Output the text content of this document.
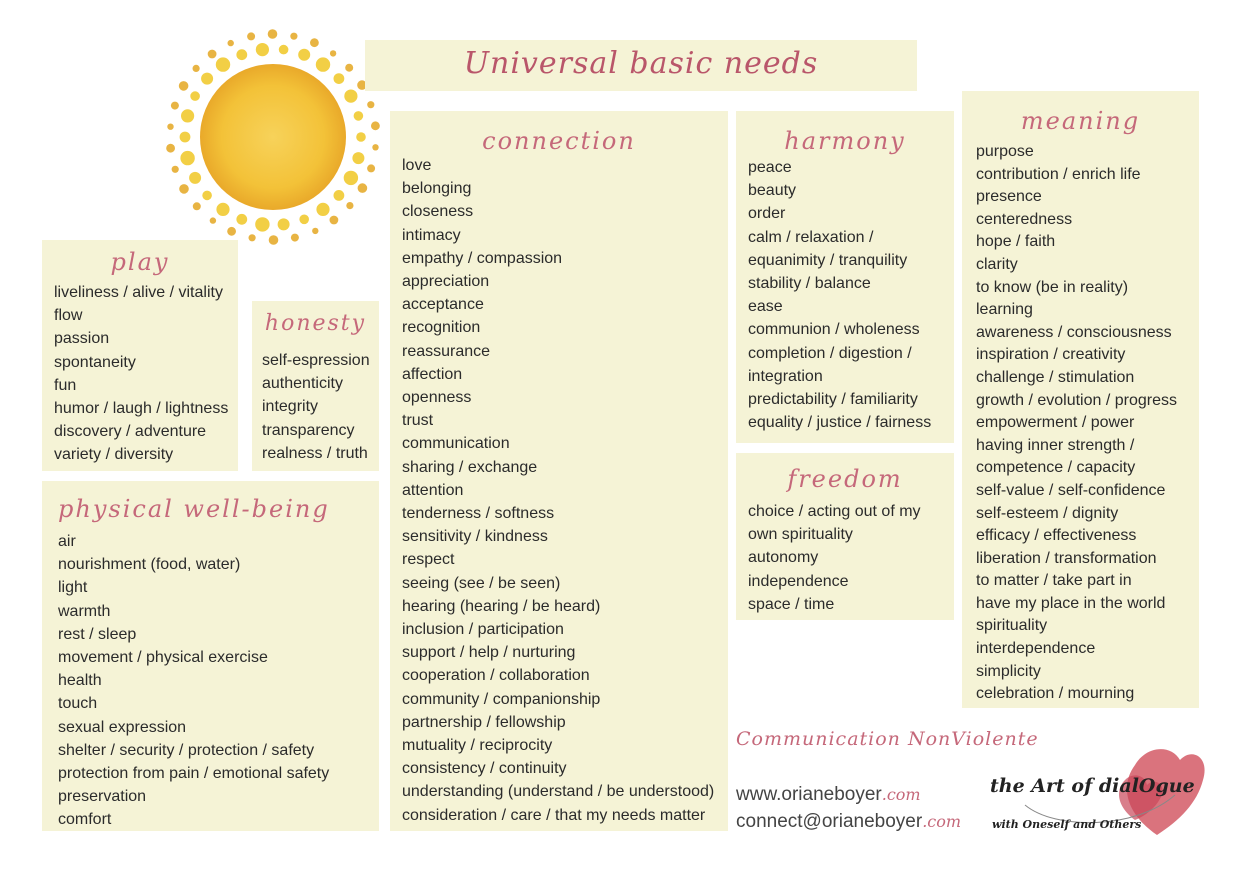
Universal basic needs
play
liveliness / alive / vitality
flow
passion
spontaneity
fun
humor / laugh / lightness
discovery / adventure
variety / diversity
honesty
self-espression
authenticity
integrity
transparency
realness / truth
physical well-being
air
nourishment (food, water)
light
warmth
rest / sleep
movement / physical exercise
health
touch
sexual expression
shelter / security / protection / safety
protection from pain / emotional safety
preservation
comfort
connection
love
belonging
closeness
intimacy
empathy / compassion
appreciation
acceptance
recognition
reassurance
affection
openness
trust
communication
sharing / exchange
attention
tenderness / softness
sensitivity / kindness
respect
seeing (see / be seen)
hearing (hearing / be heard)
inclusion / participation
support / help / nurturing
cooperation / collaboration
community / companionship
partnership / fellowship
mutuality / reciprocity
consistency / continuity
understanding (understand / be understood)
consideration / care / that my needs matter
harmony
peace
beauty
order
calm / relaxation /
equanimity / tranquility
stability / balance
ease
communion / wholeness
completion / digestion /
integration
predictability / familiarity
equality / justice / fairness
freedom
choice / acting out of my
own spirituality
autonomy
independence
space / time
meaning
purpose
contribution / enrich life
presence
centeredness
hope / faith
clarity
to know (be in reality)
learning
awareness / consciousness
inspiration / creativity
challenge / stimulation
growth / evolution / progress
empowerment / power
having inner strength /
competence / capacity
self-value / self-confidence
self-esteem / dignity
efficacy / effectiveness
liberation / transformation
to matter / take part in
have my place in the world
spirituality
interdependence
simplicity
celebration / mourning
Communication NonViolente
www.orianeboyer.com
connect@orianeboyer.com
the Art of dialOgue
with Oneself and Others
